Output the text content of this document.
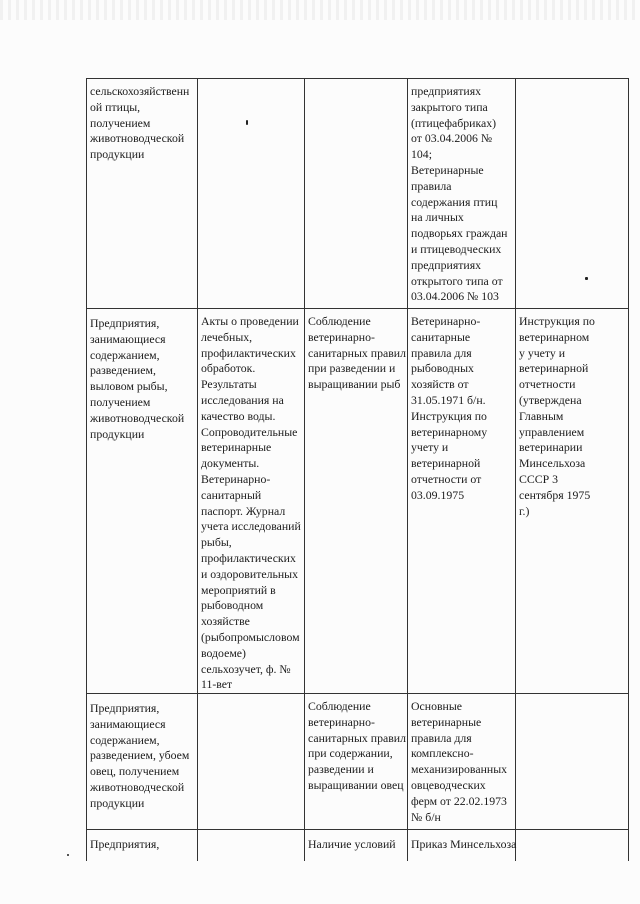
сельскохозяйственн
ой птицы,
получением
животноводческой
продукции
предприятиях
закрытого типа
(птицефабриках)
от 03.04.2006 №
104;
Ветеринарные
правила
содержания птиц
на личных
подворьях граждан
и птицеводческих
предприятиях
открытого типа от
03.04.2006 № 103
Предприятия,
занимающиеся
содержанием,
разведением,
выловом рыбы,
получением
животноводческой
продукции
Акты о проведении
лечебных,
профилактических
обработок.
Результаты
исследования на
качество воды.
Сопроводительные
ветеринарные
документы.
Ветеринарно-
санитарный
паспорт. Журнал
учета исследований
рыбы,
профилактических
и оздоровительных
мероприятий в
рыбоводном
хозяйстве
(рыбопромысловом
водоеме)
сельхозучет, ф. №
11-вет
Соблюдение
ветеринарно-
санитарных правил
при разведении и
выращивании рыб
Ветеринарно-
санитарные
правила для
рыбоводных
хозяйств от
31.05.1971 б/н.
Инструкция по
ветеринарному
учету и
ветеринарной
отчетности от
03.09.1975
Инструкция по
ветеринарном
у учету и
ветеринарной
отчетности
(утверждена
Главным
управлением
ветеринарии
Минсельхоза
СССР 3
сентября 1975
г.)
Предприятия,
занимающиеся
содержанием,
разведением, убоем
овец, получением
животноводческой
продукции
Соблюдение
ветеринарно-
санитарных правил
при содержании,
разведении и
выращивании овец
Основные
ветеринарные
правила для
комплексно-
механизированных
овцеводческих
ферм от 22.02.1973
№ б/н
Предприятия,	Наличие условий	Приказ Минсельхоза
